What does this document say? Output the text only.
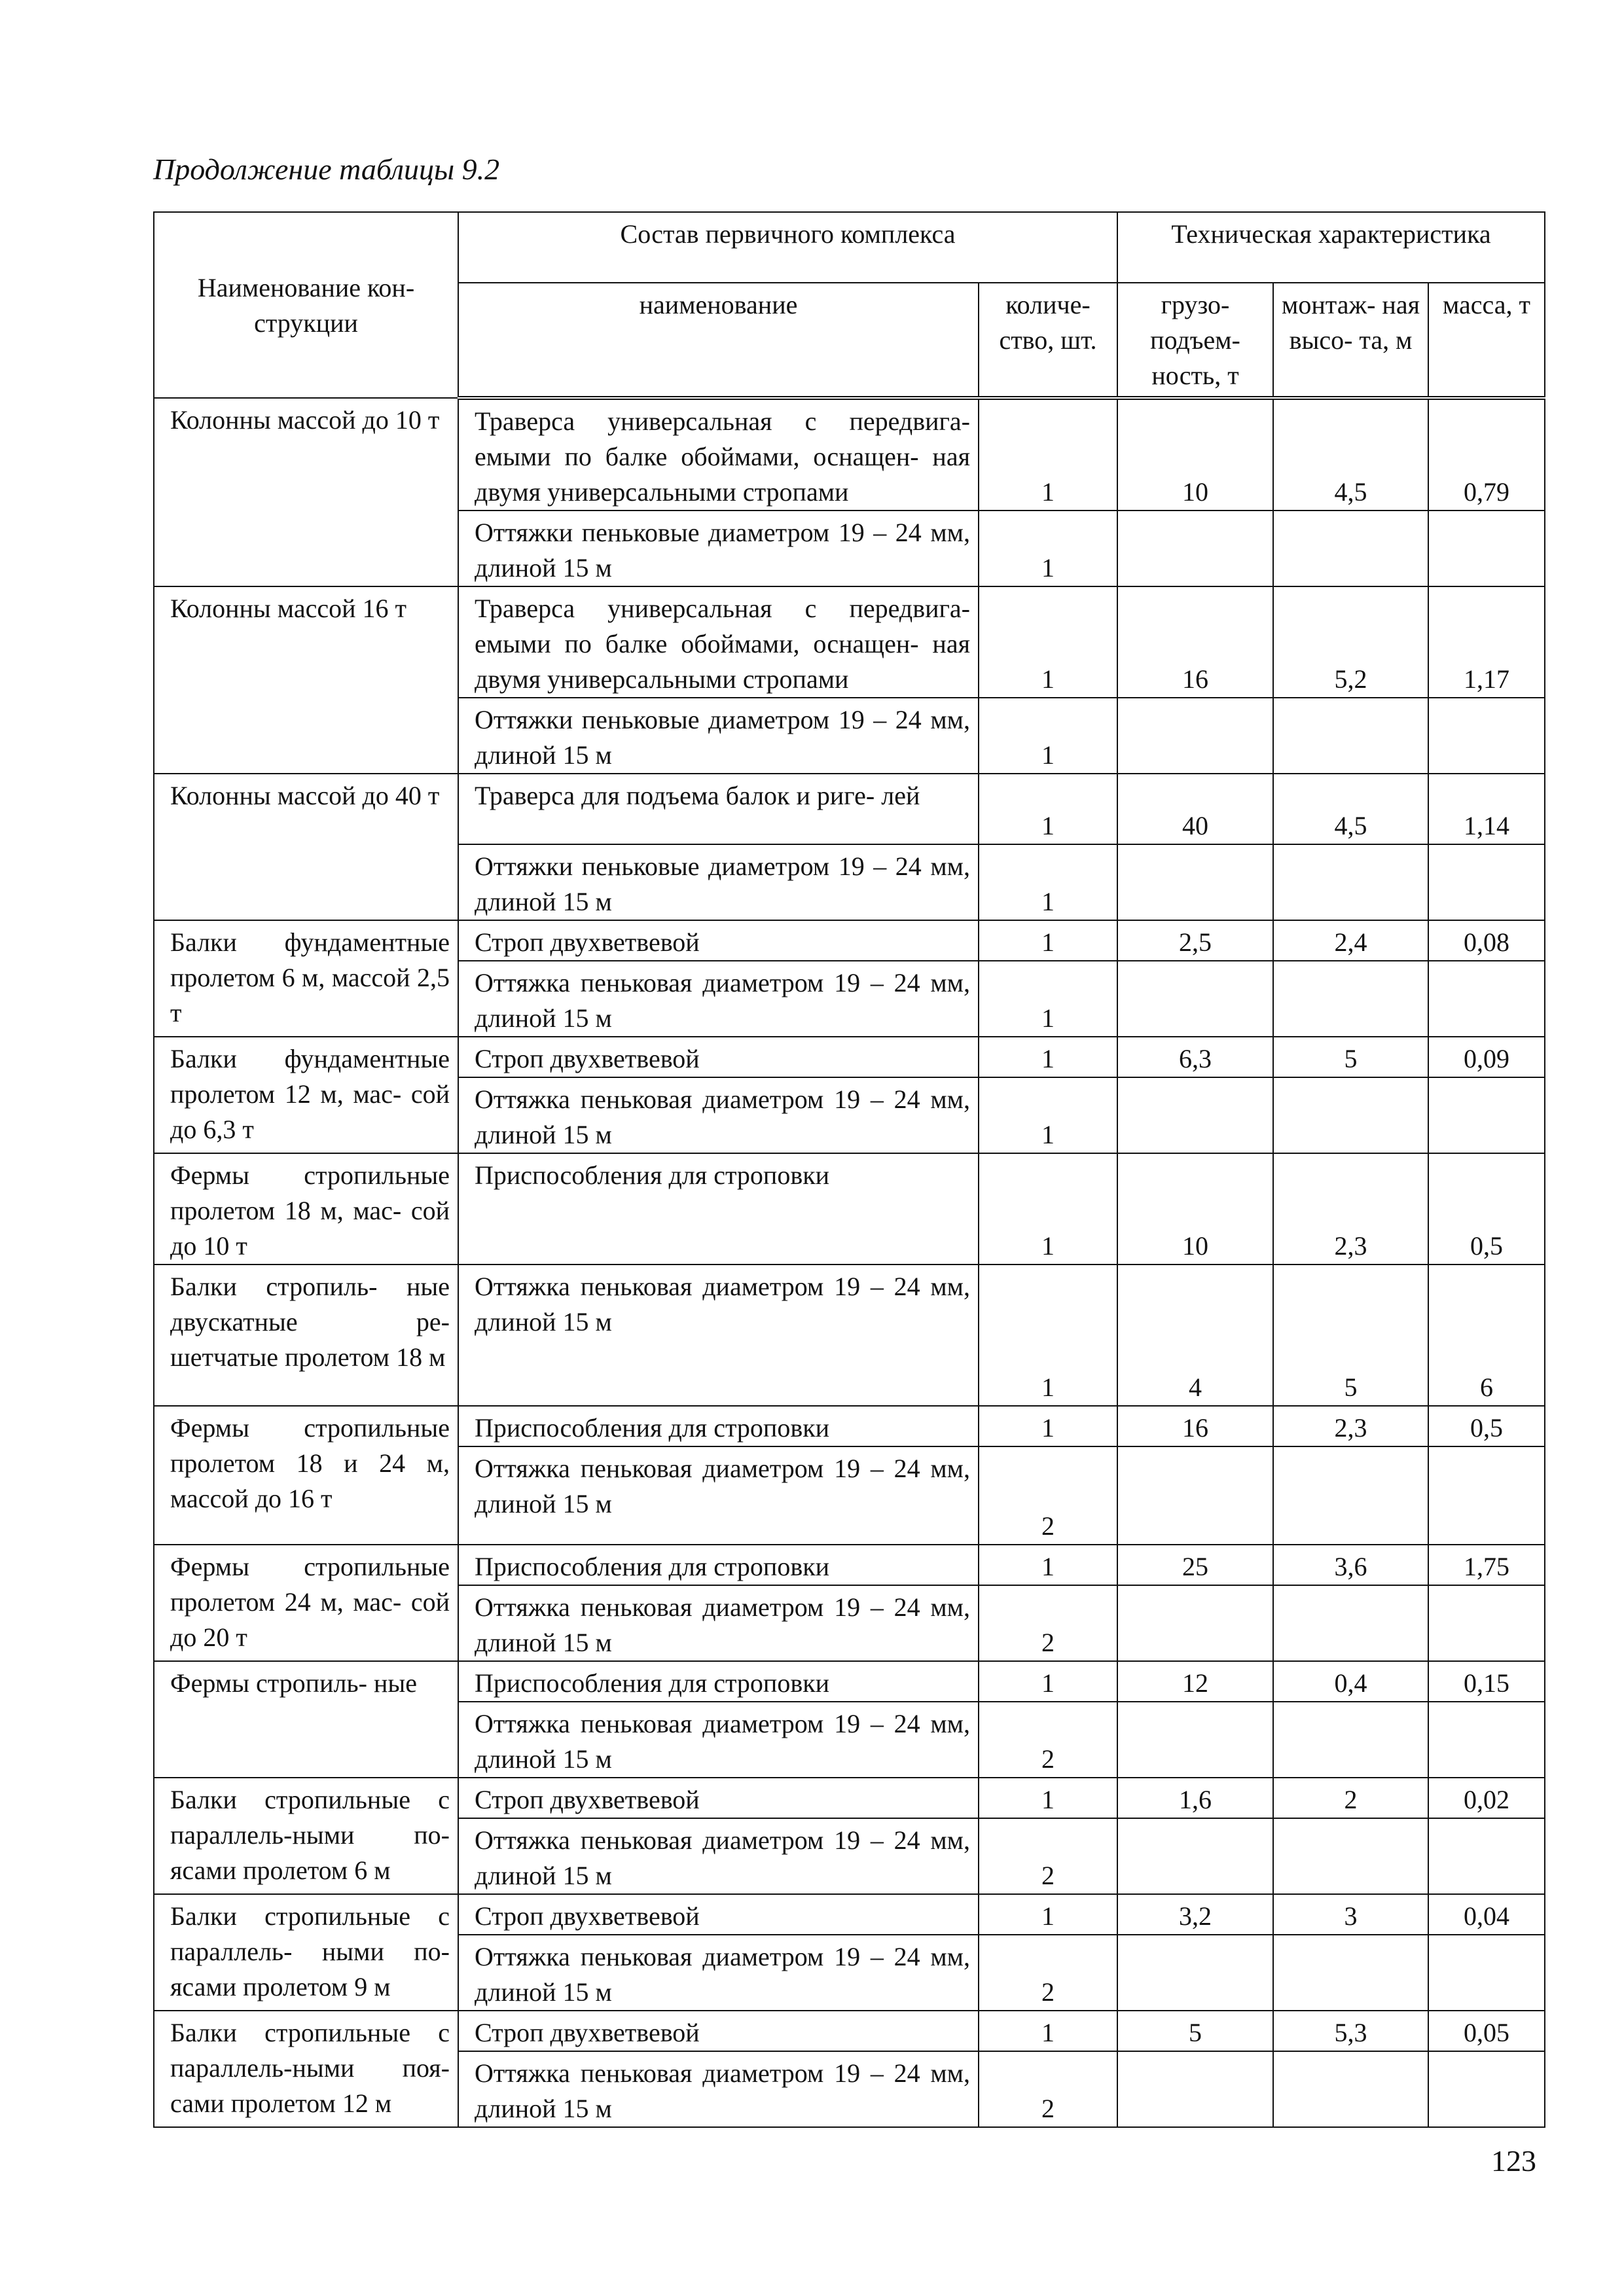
Продолжение таблицы 9.2
Наименование кон- струкции	Состав первичного комплекса		Техническая характеристика		
	наименование	количе- ство, шт.	грузо- подъем- ность, т	монтаж- ная высо- та, м	масса, т
Колонны массой до 10 т	Траверса универсальная с передвига- емыми по балке обоймами, оснащен- ная двумя универсальными стропами	1	10	4,5	0,79
	Оттяжки пеньковые диаметром 19 – 24 мм, длиной 15 м	1			
Колонны массой 16 т	Траверса универсальная с передвига- емыми по балке обоймами, оснащен- ная двумя универсальными стропами	1	16	5,2	1,17
	Оттяжки пеньковые диаметром 19 – 24 мм, длиной 15 м	1			
Колонны массой до 40 т	Траверса для подъема балок и риге- лей	1	40	4,5	1,14
	Оттяжки пеньковые диаметром 19 – 24 мм, длиной 15 м	1			
Балки фундаментные пролетом 6 м, массой 2,5 т	Строп двухветвевой	1	2,5	2,4	0,08
	Оттяжка пеньковая диаметром 19 – 24 мм, длиной 15 м	1			
Балки фундаментные пролетом 12 м, мас- сой до 6,3 т	Строп двухветвевой	1	6,3	5	0,09
	Оттяжка пеньковая диаметром 19 – 24 мм, длиной 15 м	1			
Фермы стропильные пролетом 18 м, мас- сой до 10 т	Приспособления для строповки	1	10	2,3	0,5
Балки стропиль- ные двускатные ре- шетчатые пролетом 18 м	Оттяжка пеньковая диаметром 19 – 24 мм, длиной 15 м	1	4	5	6
Фермы стропильные пролетом 18 и 24 м, массой до 16 т	Приспособления для строповки	1	16	2,3	0,5
	Оттяжка пеньковая диаметром 19 – 24 мм, длиной 15 м	2			
Фермы стропильные пролетом 24 м, мас- сой до 20 т	Приспособления для строповки	1	25	3,6	1,75
	Оттяжка пеньковая диаметром 19 – 24 мм, длиной 15 м	2			
Фермы стропиль- ные	Приспособления для строповки	1	12	0,4	0,15
	Оттяжка пеньковая диаметром 19 – 24 мм, длиной 15 м	2			
Балки стропильные с параллель-ными по- ясами пролетом 6 м	Строп двухветвевой	1	1,6	2	0,02
	Оттяжка пеньковая диаметром 19 – 24 мм, длиной 15 м	2			
Балки стропильные с параллель- ными по- ясами пролетом 9 м	Строп двухветвевой	1	3,2	3	0,04
	Оттяжка пеньковая диаметром 19 – 24 мм, длиной 15 м	2			
Балки стропильные с параллель-ными поя- сами пролетом 12 м	Строп двухветвевой	1	5	5,3	0,05
	Оттяжка пеньковая диаметром 19 – 24 мм, длиной 15 м	2			
123
